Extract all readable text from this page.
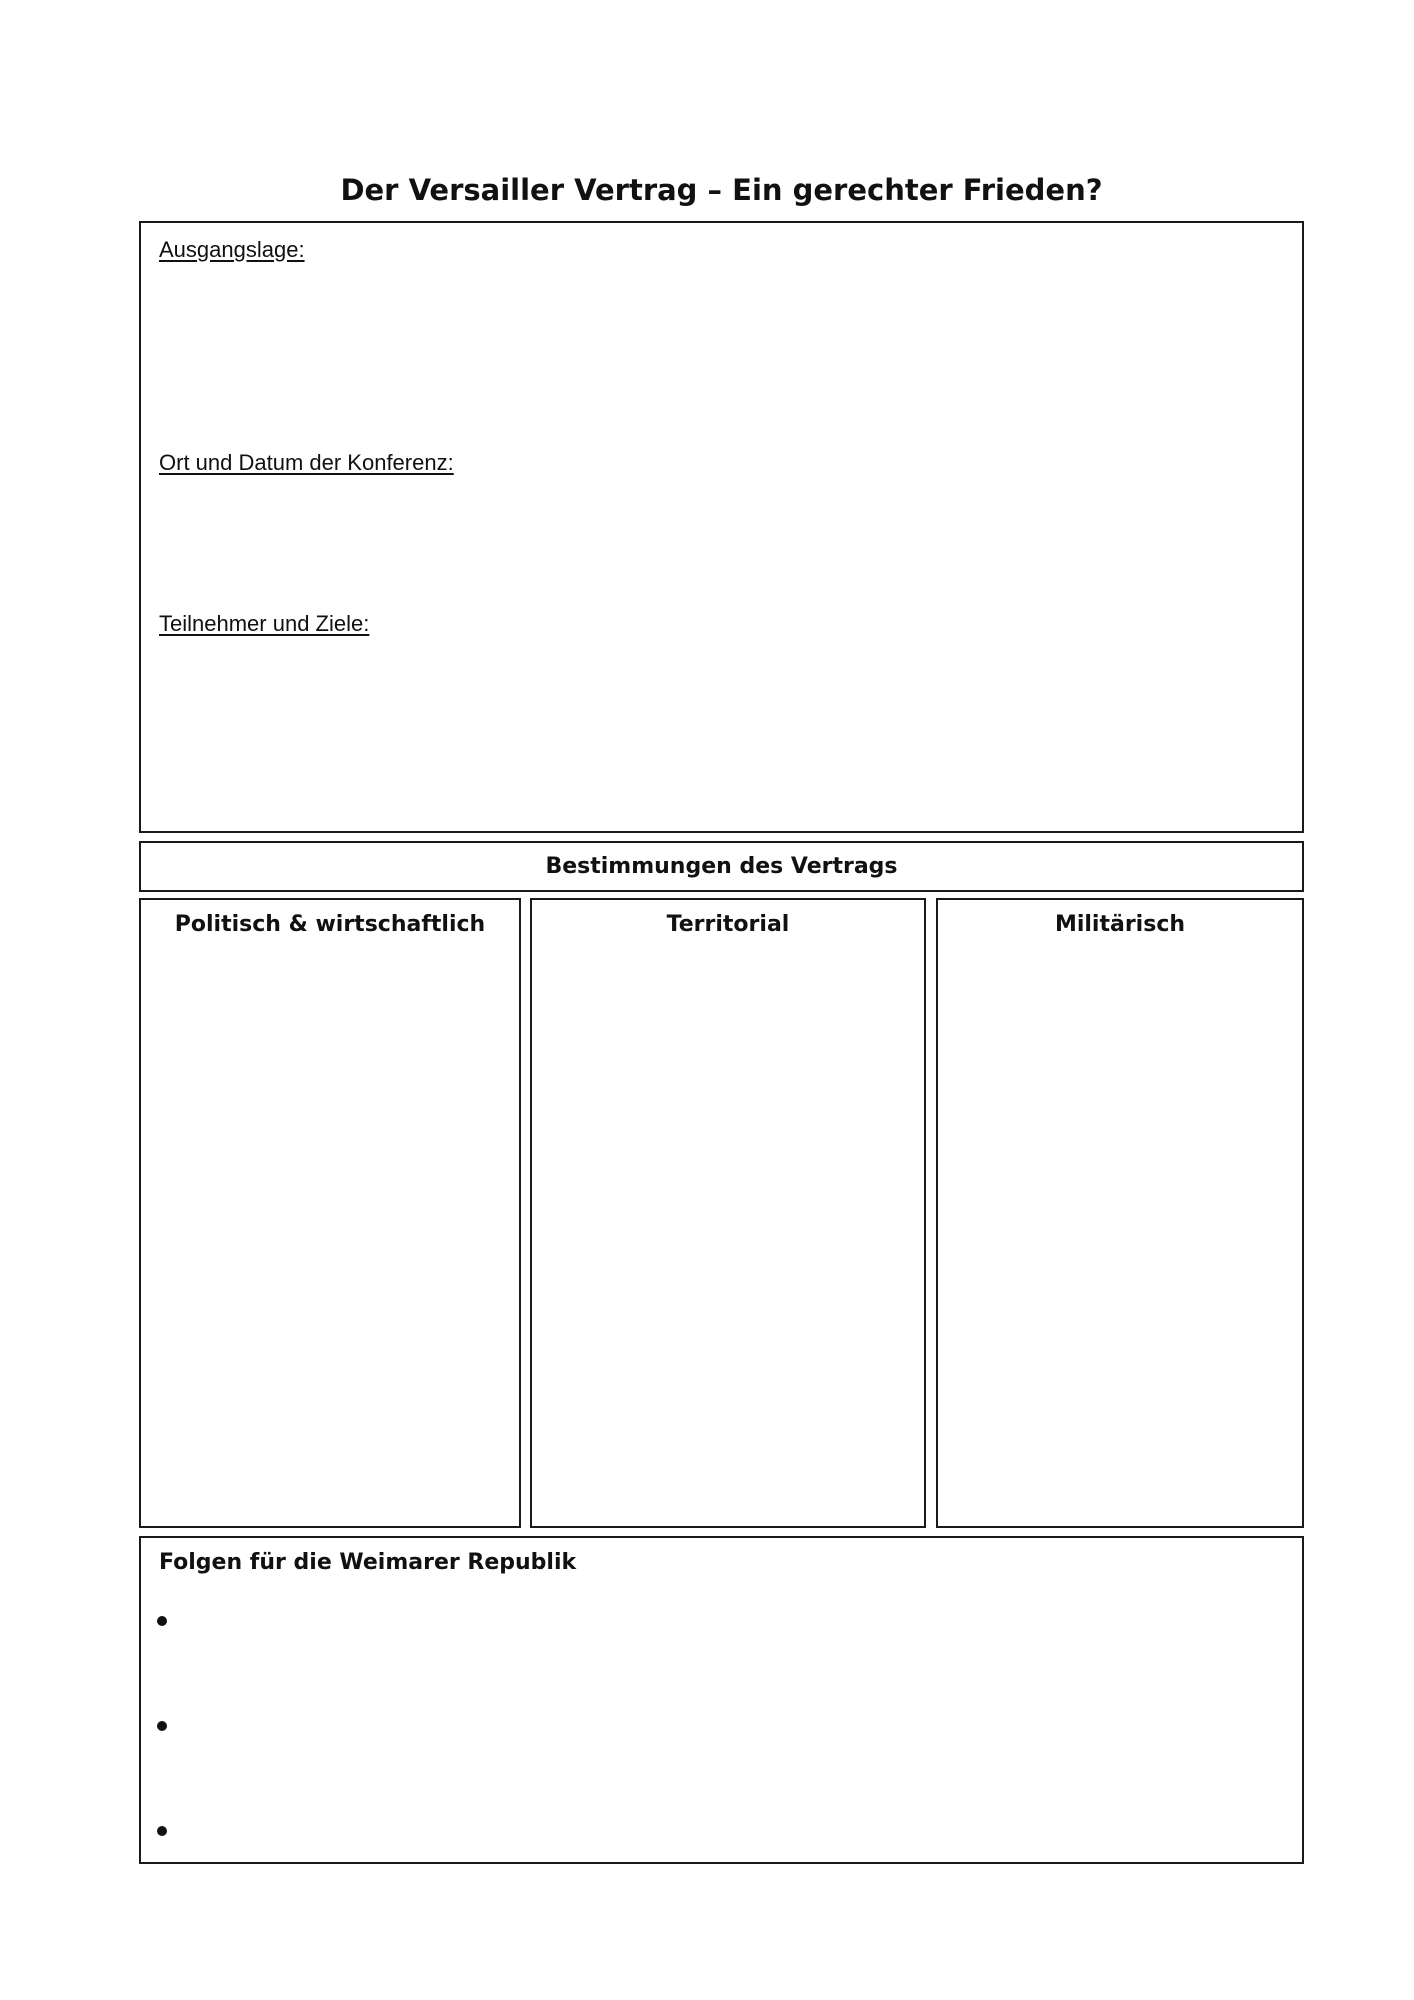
Der Versailler Vertrag – Ein gerechter Frieden?
Ausgangslage:
Ort und Datum der Konferenz:
Teilnehmer und Ziele:
Bestimmungen des Vertrags
Politisch & wirtschaftlich	Territorial	Militärisch
Folgen für die Weimarer Republik
